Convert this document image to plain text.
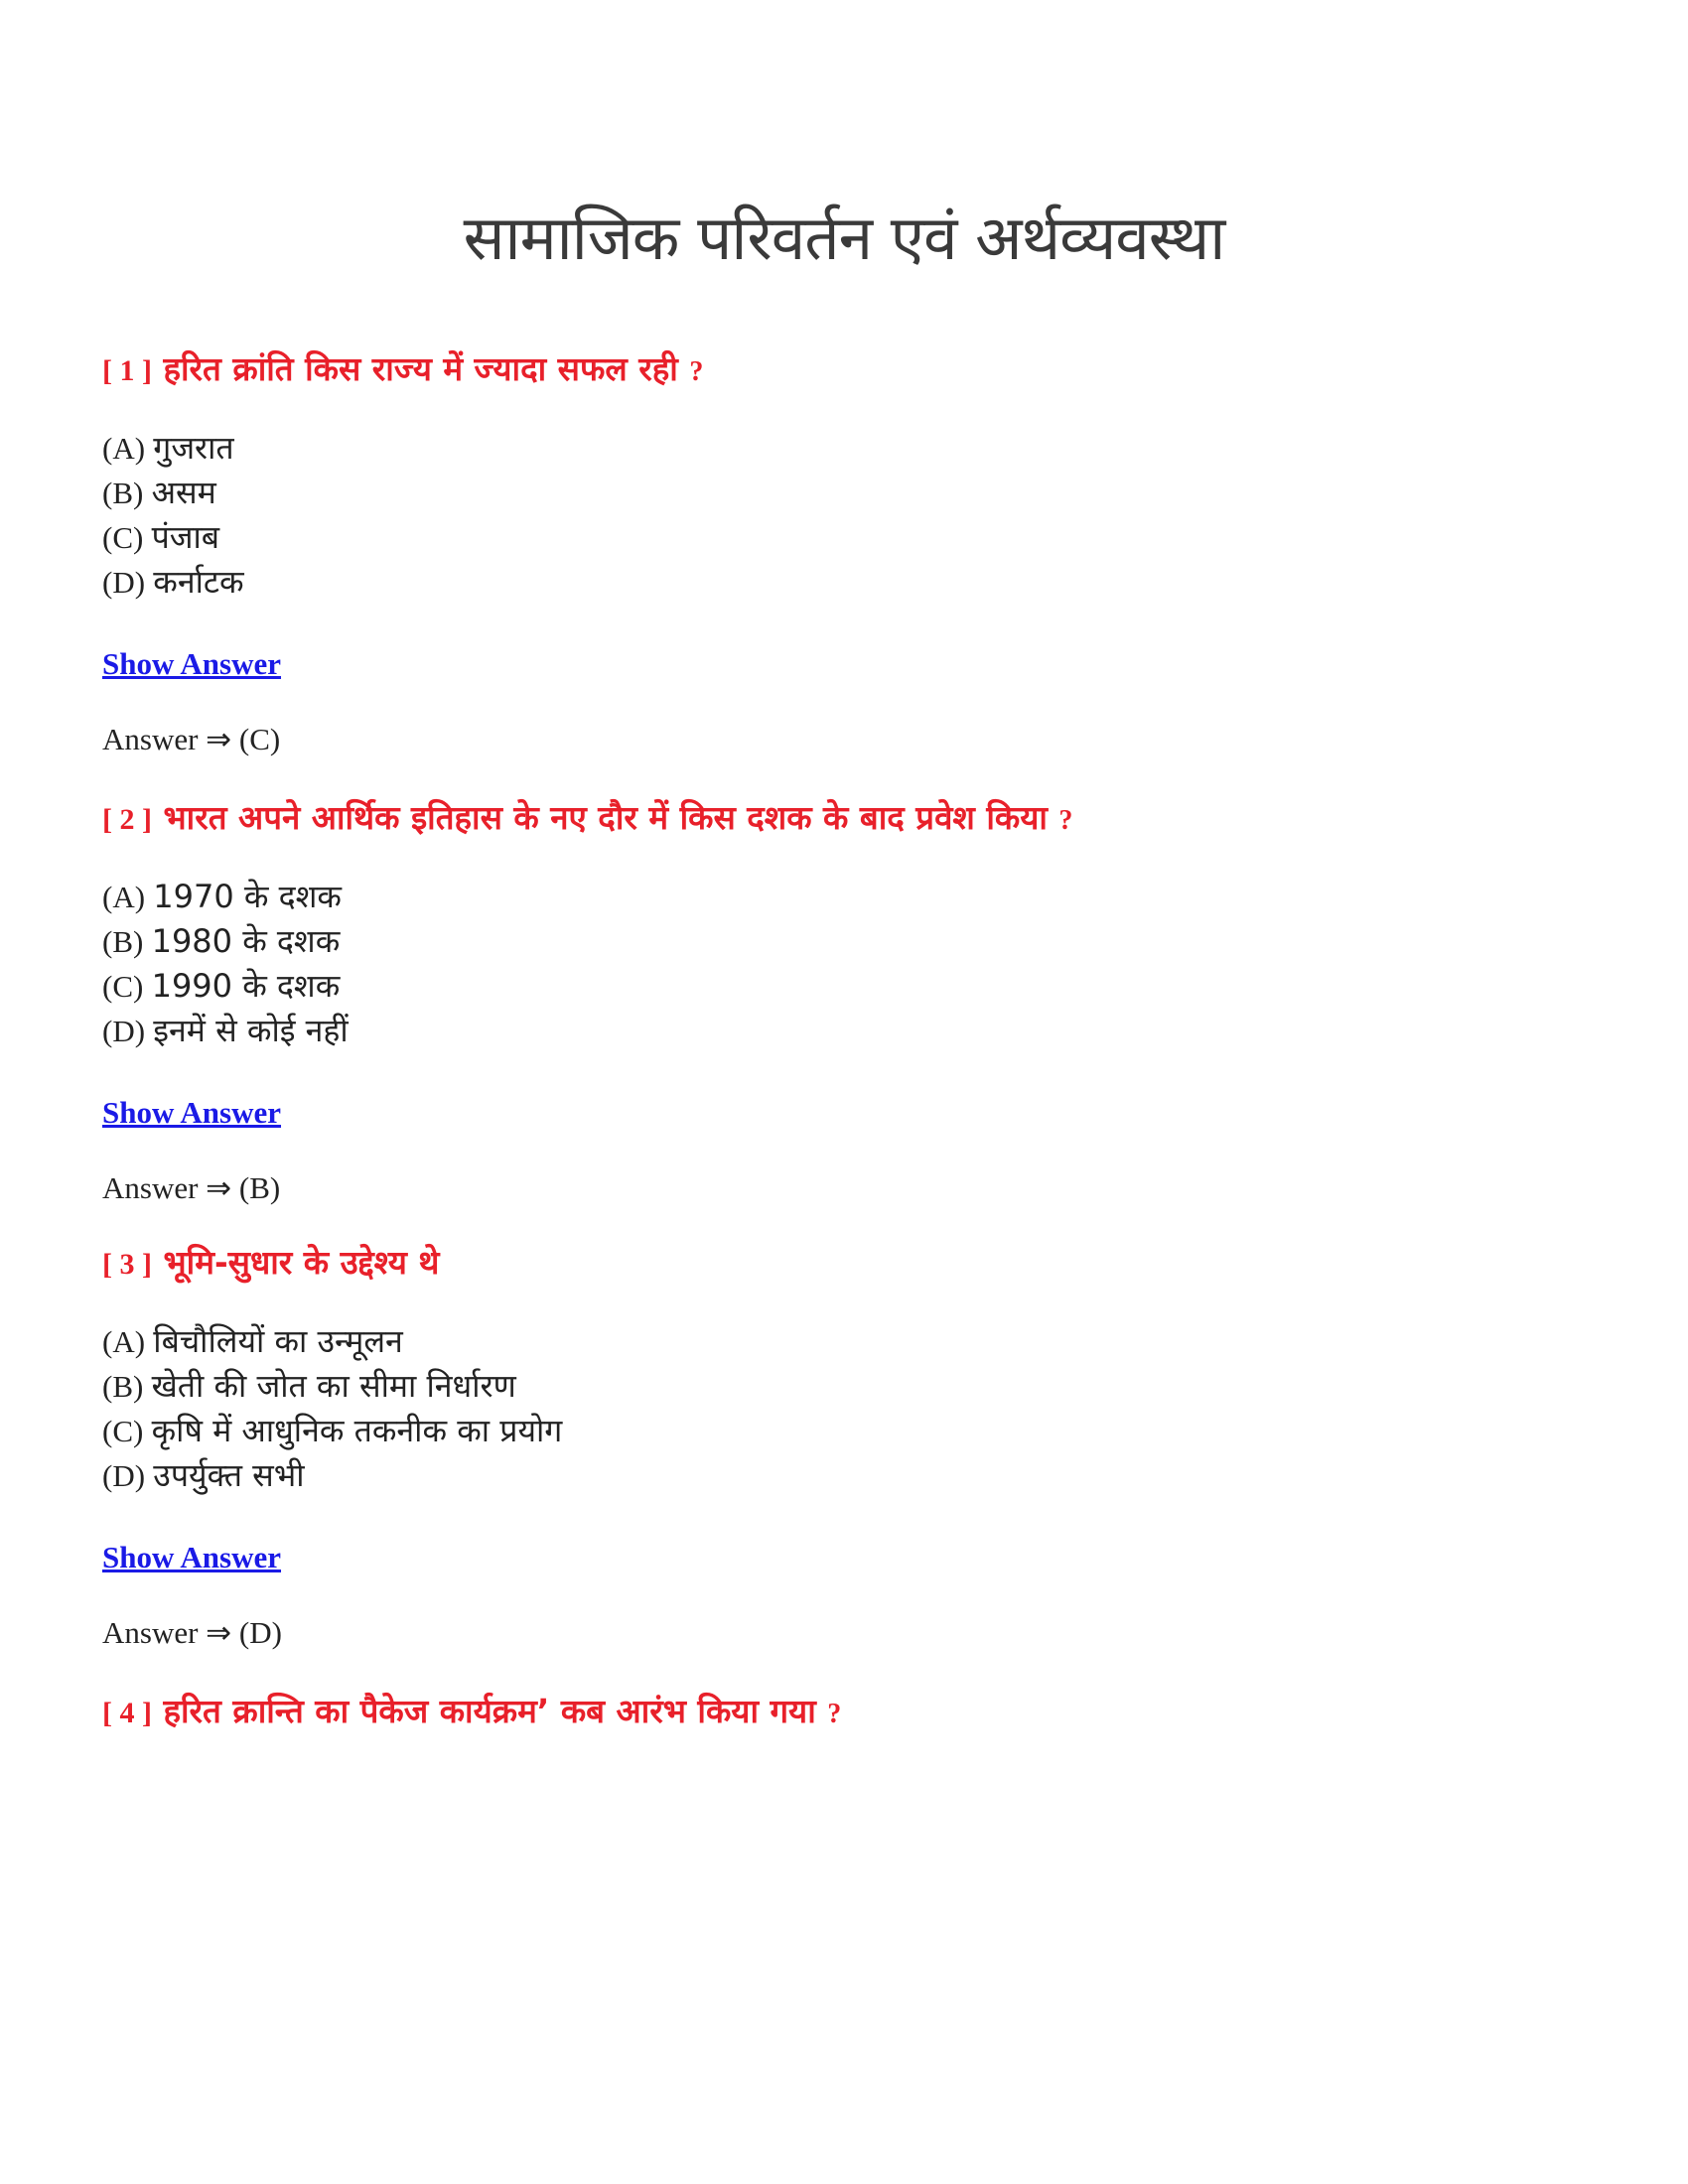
सामाजिक परिवर्तन एवं अर्थव्यवस्था
[ 1 ] हरित क्रांति किस राज्य में ज्यादा सफल रही ?
(A) गुजरात
(B) असम
(C) पंजाब
(D) कर्नाटक
Show Answer
Answer ⇒ (C)
[ 2 ] भारत अपने आर्थिक इतिहास के नए दौर में किस दशक के बाद प्रवेश किया ?
(A) 1970 के दशक
(B) 1980 के दशक
(C) 1990 के दशक
(D) इनमें से कोई नहीं
Show Answer
Answer ⇒ (B)
[ 3 ] भूमि-सुधार के उद्देश्य थे
(A) बिचौलियों का उन्मूलन
(B) खेती की जोत का सीमा निर्धारण
(C) कृषि में आधुनिक तकनीक का प्रयोग
(D) उपर्युक्त सभी
Show Answer
Answer ⇒ (D)
[ 4 ] हरित क्रान्ति का पैकेज कार्यक्रम’ कब आरंभ किया गया ?
